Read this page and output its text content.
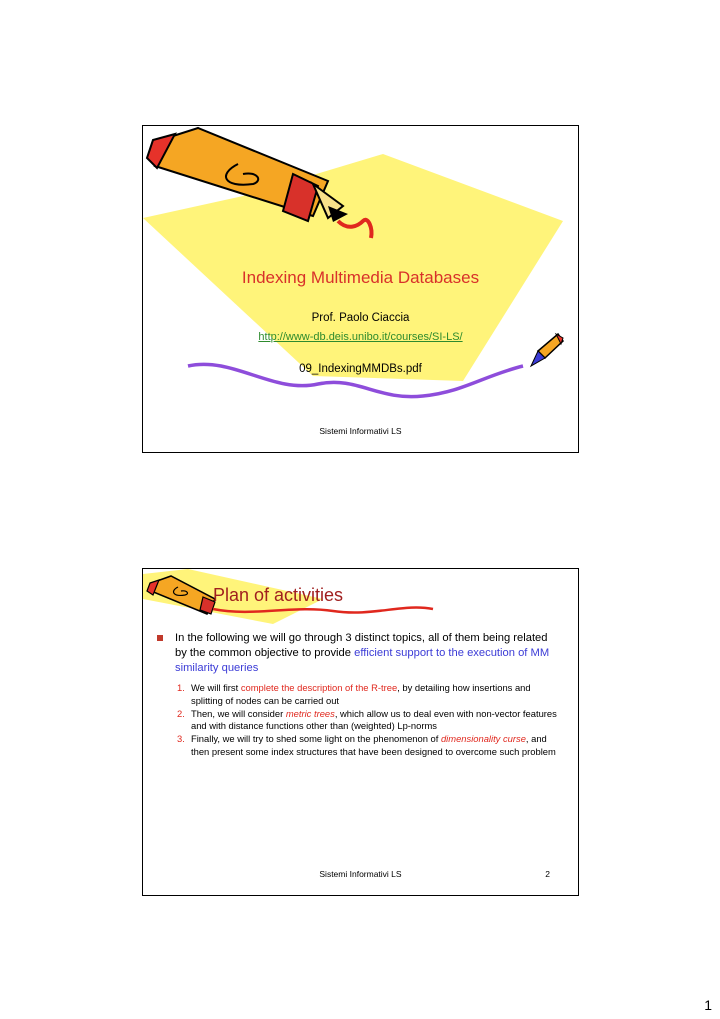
Indexing Multimedia Databases
Prof. Paolo Ciaccia
http://www-db.deis.unibo.it/courses/SI-LS/
09_IndexingMMDBs.pdf
Sistemi Informativi LS
Plan of activities
In the following we will go through 3 distinct topics, all of them being related by the common objective to provide efficient support to the execution of MM similarity queries
1. We will first complete the description of the R-tree, by detailing how insertions and splitting of nodes can be carried out
2. Then, we will consider metric trees, which allow us to deal even with non-vector features and with distance functions other than (weighted) Lp-norms
3. Finally, we will try to shed some light on the phenomenon of dimensionality curse, and then present some index structures that have been designed to overcome such problem
Sistemi Informativi LS	2
1
